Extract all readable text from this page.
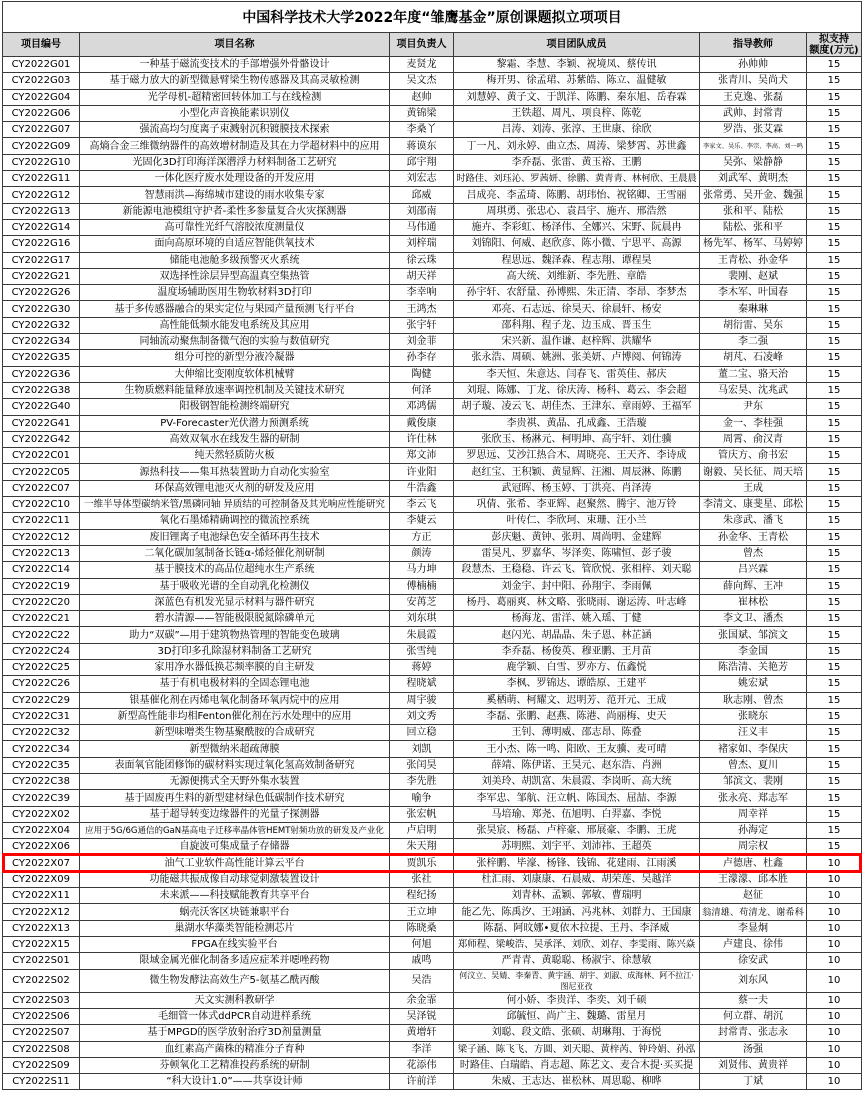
中国科学技术大学2022年度“雏鹰基金”原创课题拟立项项目					
项目编号	项目名称	项目负责人	项目团队成员	指导教师	拟支持
额度(万元)
CY2022G01	一种基于磁流变技术的手部增强外骨骼设计	麦贤龙	黎霜、李慧、李颖、祝境凤、蔡传讯	孙帅帅	15
CY2022G03	基于磁力放大的新型微悬臂梁生物传感器及其高灵敏检测	吴文杰	梅开男、徐孟珺、苏紫皓、陈立、温健敏	张青川、吴尚犬	15
CY2022G04	光学母机-超精密回转体加工与在线检测	赵帅	刘慧婷、黄子文、于凯洋、陈鹏、秦东旭、岳春霖	王克逸、张磊	15
CY2022G06	小型化声音换能素识别仪	黄锦梁	王铁超、周凡、项良梓、陈乾	武帅、封常青	15
CY2022G07	强流高均匀度离子束溅射沉积镀膜技术探索	李桑丫	吕涛、刘涛、张淳、王世康、徐欣	罗浩、张艾霖	15
CY2022G09	高熵合金三维微纳器件的高效增材制造及其在力学超材料中的应用	蒋谟东	丁一凡、刘永婷、曲立杰、周涛、梁梦霄、苏世鑫	李家文、吴乐、李宗、李高、刘一鸣	15
CY2022G10	光固化3D打印海洋深潜浮力材料制备工艺研究	邱宇翔	李乔磊、张雷、黄玉裕、王鹏	吴弥、梁静静	15
CY2022G11	一体化医疗废水处理设备的开发应用	刘宏志	时路佳、刘珏沁、罗茜妍、徐鹏、黄青青、林柯欣、王晨晨	刘武军、黄明杰	15
CY2022G12	智慧雨洪—海绵城市建设的雨水收集专家	邱威	吕成亮、李孟琦、陈鹏、胡玮怡、祝铭卿、王雪丽	张常勇、吴开金、魏强	15
CY2022G13	新能源电池模组守护者-柔性多参量复合火灾探测器	刘邵南	周琪勇、张忠心、袁昌宇、施卉、邢浩然	张和平、陆松	15
CY2022G14	高可靠性光纤气溶胶浓度测量仪	马伟通	施卉、李彩虹、杨泽伟、全娜兴、宋野、阮晨冉	陆松、张和平	15
CY2022G16	面向高原环境的自适应智能供氧技术	刘梓瑞	刘锦阳、何威、赵欣彦、陈小微、宁思平、高源	杨先军、杨军、马婷婷	15
CY2022G17	储能电池舱多级预警灭火系统	徐云珠	程思远、魏泽森、程志翔、谭程昊	王青松、孙金华	15
CY2022G21	双选择性涂层异型高温真空集热管	胡天祥	高大统、刘维新、李先胜、章皓	裴刚、赵斌	15
CY2022G26	温度场辅助医用生物软材料3D打印	李幸响	孙宇轩、农舒量、孙博熙、朱正清、李昂、李梦杰	李木军、叶国春	15
CY2022G30	基于多传感器融合的果实定位与果园产量预测飞行平台	王鸿杰	邓亮、石志远、徐昊天、徐晨轩、杨安	秦琳琳	15
CY2022G32	高性能低频水能发电系统及其应用	张宇轩	邵科翔、程子龙、边玉成、晋玉生	胡衍雷、吴东	15
CY2022G34	同轴流动聚焦制备微气泡的实验与数值研究	刘金菲	宋兴新、温作谦、赵梓辉、洪耀华	李二强	15
CY2022G35	组分可控的新型分液冷凝器	孙李存	张永浩、周硕、姚洲、张美妍、卢博阅、何锦涛	胡芃、石凌峰	15
CY2022G36	大伸缩比变刚度软体机械臂	陶健	李天恒、朱意达、闫春飞、雷英佳、郝庆	董二宝、骆天治	15
CY2022G38	生物质燃料能量释放速率调控机制及关键技术研究	何泽	刘琨、陈娜、丁龙、徐庆涛、杨科、葛云、李会超	马宏昊、沈兆武	15
CY2022G40	阳极钢智能检测终端研究	邓鸿儒	胡子璇、凌云飞、胡佳杰、王津东、章雨婷、王福军	尹东	15
CY2022G41	PV-Forecaster光伏潜力预测系统	戴俊康	李贵祺、黄晶、孔成鑫、王浩璇	金一、李桂强	15
CY2022G42	高效双氧水在线发生器的研制	许仕林	张欣玉、杨淋元、柯明坤、高宇轩、刘仕骥	周霄、俞汉青	15
CY2022C01	纯天然轻质防火板	郑文沛	罗思远、艾沙江热合木、周晓亮、王天齐、李诗成	管庆方、俞书宏	15
CY2022C05	源热科技——集耳热装置助力自动化实验室	许业阳	赵红宝、王积颖、黄显辉、汪湘、周辰淋、陈鹏	谢毅、吴长征、周天培	15
CY2022C07	环保高效锂电池灭火剂的研发及应用	牛浩鑫	武冠晖、杨玉婷、丁洪亮、肖泽涛	王成	15
CY2022C10	一维半导体型碳纳米管/黑磷同轴 异质结的可控制备及其光响应性能研究	李云飞	巩倩、张希、李亚辉、赵聚然、腾宇、池万铃	李清文、康斐星、邱松	15
CY2022C11	氧化石墨烯精确调控的微流控系统	李婕云	叶传仁、李欣珂、束珊、汪小兰	朱彦武、潘飞	15
CY2022C12	废旧锂离子电池绿色安全循环再生技术	方正	彭庆魁、黄钟、张玥、周尚明、金建辉	孙金华、王青松	15
CY2022C13	二氧化碳加氢制备长链α-烯烃催化剂研制	颜涛	雷昊凡、罗嘉华、岑泽奕、陈啸恒、彭子骏	曾杰	15
CY2022C14	基于膜技术的高品位超纯水生产系统	马力坤	段慧杰、王稳稳、许云飞、管欣悦、张相梓、刘天聪	吕兴霖	15
CY2022C19	基于吸收光谱的全自动乳化检测仪	傅楠楠	刘金宇、封中阳、孙翔宇、李雨佩	薛向辉、王冲	15
CY2022C20	深蓝色有机发光显示材料与器件研究	安苒芝	杨丹、葛丽爽、林文略、张晓雨、谢运涛、叶志峰	崔林松	15
CY2022C21	碧水清源——智能极限脱氮除磷单元	刘东琪	杨海龙、雷洋、姚入瑶、丁健	李文卫、潘杰	15
CY2022C22	助力“双碳”—用于建筑物热管理的智能变色玻璃	朱晨霞	赵闪光、胡晶晶、朱子恩、林芷涵	张国斌、邹滨文	15
CY2022C24	3D打印多孔除湿材料制备工艺研究	张雪纯	李乔磊、杨俊英、穆亚鹏、王月苗	李金国	15
CY2022C25	家用净水器低换芯频率膜的自主研发	蒋婷	鹿学颖、白雪、罗亦方、伍鑫悦	陈浩清、关艳芳	15
CY2022C26	基于有机电极材料的全固态锂电池	程晓斌	李枫、罗锦达、谭皓原、王建平	姚宏斌	15
CY2022C29	银基催化剂在丙烯电氧化制备环氧丙烷中的应用	周宇骏	奚栖萌、柯耀文、迟明芳、范开元、王成	耿志刚、曾杰	15
CY2022C31	新型高性能非均相Fenton催化剂在污水处理中的应用	刘文秀	李磊、张鹏、赵燕、陈港、尚丽梅、史天	张晓东	15
CY2022C32	新型味噌类生物基聚酰胺的合成研究	回立稳	王钊、薄明威、邵志昂、陈叠	汪义丰	15
CY2022C34	新型微纳米超疏薄膜	刘凯	王小杰、陈一鸣、阳欧、王友骥、麦可晴	褚家如、李保庆	15
CY2022C35	表面氧官能团修饰的碳材料实现过氧化氢高效制备研究	张闰昊	薛靖、陈伊诺、王昊元、赵东浩、肖洲	曾杰、夏川	15
CY2022C38	无源便携式全天野外集水装置	李先胜	刘美玲、胡凯富、朱晨霞、李岗昕、高大统	邹滨文、裴刚	15
CY2022C39	基于固废再生料的新型建材绿色低碳制作技术研究	喻争	李军忠、邹航、汪立帆、陈国杰、屈喆、李源	张永亮、郑志军	15
CY2022X02	基于超导转变边缘器件的光量子探测器	张宏帆	马培瑜、郑尧、伍旭明、白羿嘉、李悦	周幸祥	15
CY2022X04	应用于5G/6G通信的GaN基高电子迁移率晶体管HEMT射频功放的研发及产业化	卢启明	张昊宸、杨磊、卢梓豪、邢展豪、李鹏、王虎	孙海定	15
CY2022X06	自旋波可集成量子存储器	朱天翔	苏明熙、刘宇平、刘沛祎、王超英	周宗权	15
CY2022X07	油气工业软件高性能计算云平台	贾凯乐	张梓鹏、毕濠、杨锋、钱锦、花建雨、江雨溪	卢德唐、杜鑫	10
CY2022X09	功能磁共振成像自动球觉刺激装置设计	张社	杜汇雨、刘康康、石晨威、胡荣莲、吴越洋	王濛濛、邱本胜	10
CY2022X11	未来派——科技赋能教育共享平台	程纪扬	刘青林、孟颖、郭敏、曹瑞明	赵征	10
CY2022X12	蜗壳沃客区块链兼职平台	王立坤	能乙先、陈禹汐、王翊涵、冯兆林、刘群力、王国康	翁清雄、苟清龙、谢希科	10
CY2022X13	巢湖水华藻类智能检测芯片	陈晓桑	陈磊、阿旼娜•夏依木拉提、王丹、李泽威	李显炯	10
CY2022X15	FPGA在线实验平台	何旭	郑师程、梁峻浩、吴承泽、刘欣、刘存、李雯雨、陈兴焱	卢建良、徐伟	10
CY2022S01	限域金属光催化制备多适应症苯并噁唑药物	戚鸣	严青青、黄聪聪、杨淑宇、徐慧敏	徐安武	10
CY2022S02	微生物发酵法高效生产5-氨基乙酰丙酸	吴浩	何汶立、吴婧、李秦青、黄宇涵、胡宇、刘淑、成海林、阿不拉江·
图尼亚孜	刘东风	10
CY2022S03	天文实测科教研学	余金霏	何小娇、李贵洋、李奕、刘千硕	蔡一夫	10
CY2022S06	毛细管一体式ddPCR自动进样系统	吴泽锐	邱毓恒、尚广主、魏璐、雷星月	何立群、胡沉	10
CY2022S07	基于MPGD的医学放射治疗3D剂量测量	黄增轩	刘聪、段文皓、张硕、胡琳翔、于海悦	封常青、张志永	10
CY2022S08	血红素高产菌株的精准分子育种	李洋	梁子涵、陈飞飞、方圆、刘天聪、黄梓芮、钟玲娟、孙泓	汤强	10
CY2022S09	芬顿氧化工艺精准投药系统的研制	花添伟	时路佳、白瑞皓、肖志超、陈艺文、麦合木提·买买提	刘贤伟、黄贵祥	10
CY2022S11	“科大设计1.0”——共享设计师	许前洋	朱威、王志达、崔松林、周思聪、柳晔	丁斌	10
